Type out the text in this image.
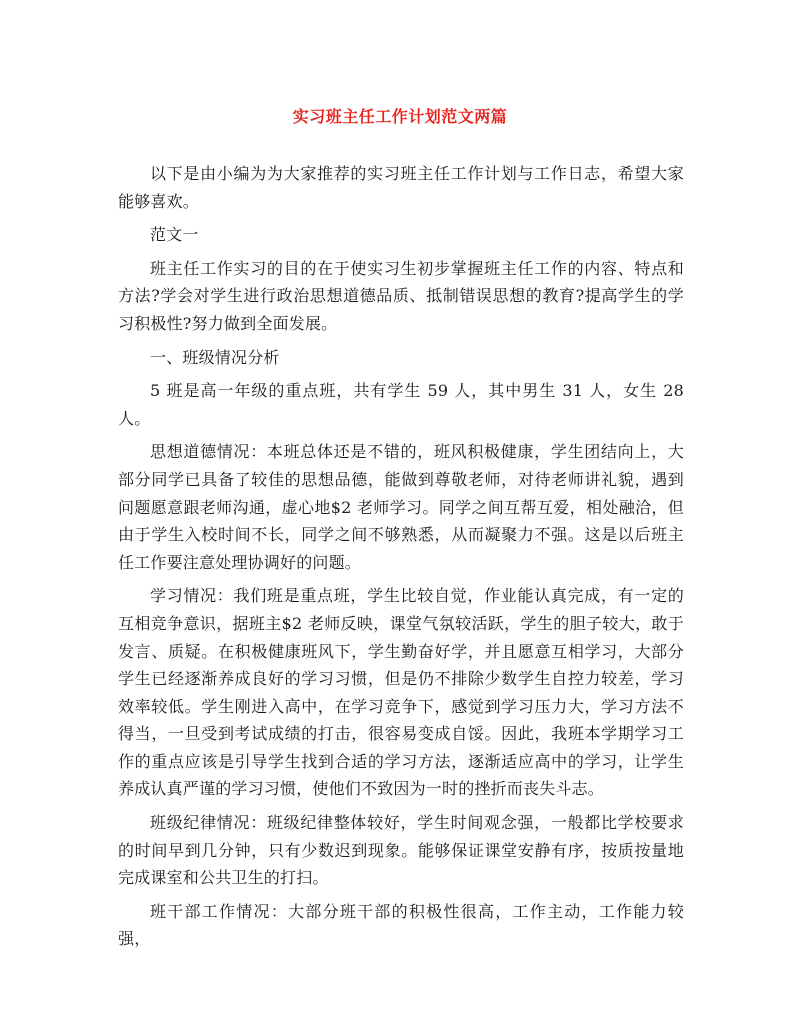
实习班主任工作计划范文两篇

以下是由小编为为大家推荐的实习班主任工作计划与工作日志，希望大家能够喜欢。

范文一

班主任工作实习的目的在于使实习生初步掌握班主任工作的内容、特点和方法?学会对学生进行政治思想道德品质、抵制错误思想的教育?提高学生的学习积极性?努力做到全面发展。

一、班级情况分析

5 班是高一年级的重点班，共有学生 59 人，其中男生 31 人，女生 28 人。

思想道德情况：本班总体还是不错的，班风积极健康，学生团结向上，大部分同学已具备了较佳的思想品德，能做到尊敬老师，对待老师讲礼貌，遇到问题愿意跟老师沟通，虚心地$2 老师学习。同学之间互帮互爱，相处融洽，但由于学生入校时间不长，同学之间不够熟悉，从而凝聚力不强。这是以后班主任工作要注意处理协调好的问题。

学习情况：我们班是重点班，学生比较自觉，作业能认真完成，有一定的互相竞争意识，据班主$2 老师反映，课堂气氛较活跃，学生的胆子较大，敢于发言、质疑。在积极健康班风下，学生勤奋好学，并且愿意互相学习，大部分学生已经逐渐养成良好的学习习惯，但是仍不排除少数学生自控力较差，学习效率较低。学生刚进入高中，在学习竞争下，感觉到学习压力大，学习方法不得当，一旦受到考试成绩的打击，很容易变成自馁。因此，我班本学期学习工作的重点应该是引导学生找到合适的学习方法，逐渐适应高中的学习，让学生养成认真严谨的学习习惯，使他们不致因为一时的挫折而丧失斗志。

班级纪律情况：班级纪律整体较好，学生时间观念强，一般都比学校要求的时间早到几分钟，只有少数迟到现象。能够保证课堂安静有序，按质按量地完成课室和公共卫生的打扫。

班干部工作情况：大部分班干部的积极性很高，工作主动，工作能力较强，
